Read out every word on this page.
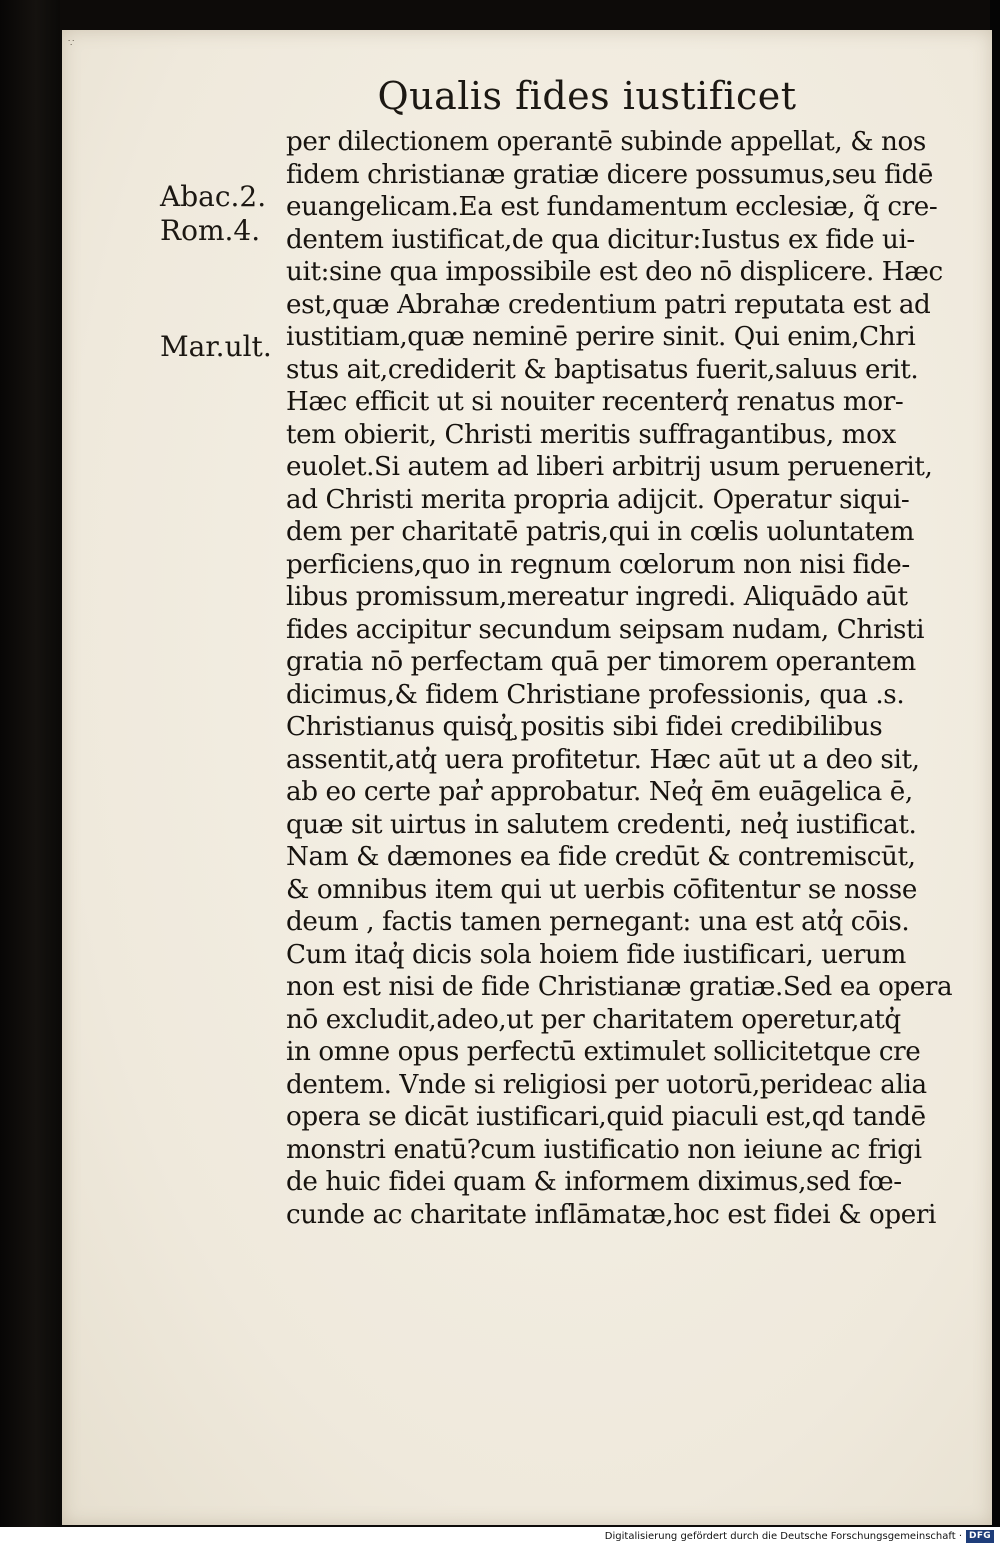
∵
Qualis fides iustificet
Abac.2.
Rom.4.
Mar.ult.
per dilectionem operantē subinde appellat, & nos
fidem christianæ gratiæ dicere possumus,seu fidē
euangelicam.Ea est fundamentum ecclesiæ, q̃ cre-
dentem iustificat,de qua dicitur:Iustus ex fide ui-
uit:sine qua impossibile est deo nō displicere. Hæc
est,quæ Abrahæ credentium patri reputata est ad
iustitiam,quæ neminē perire sinit. Qui enim,Chri
stus ait,crediderit & baptisatus fuerit,saluus erit.
Hæc efficit ut si nouiter recenterq̓ renatus mor-
tem obierit, Christi meritis suffragantibus, mox
euolet.Si autem ad liberi arbitrij usum peruenerit,
ad Christi merita propria adijcit. Operatur siqui-
dem per charitatē patris,qui in cœlis uoluntatem
perficiens,quo in regnum cœlorum non nisi fide-
libus promissum,mereatur ingredi. Aliquādo aūt
fides accipitur secundum seipsam nudam, Christi
gratia nō perfectam quā per timorem operantem
dicimus,& fidem Christiane professionis, qua .s.
Christianus quisq̓ ̧positis sibi fidei credibilibus
assentit,atq̓ uera profitetur. Hæc aūt ut a deo sit,
ab eo certe par̓ approbatur. Neq̓ ēm euāgelica ē,
quæ sit uirtus in salutem credenti, neq̓ iustificat.
Nam & dæmones ea fide credūt & contremiscūt,
& omnibus item qui ut uerbis cōfitentur se nosse
deum , factis tamen pernegant: una est atq̓ cōis.
Cum itaq̓ dicis sola hoiem fide iustificari, uerum
non est nisi de fide Christianæ gratiæ.Sed ea opera
nō excludit,adeo,ut per charitatem operetur,atq̓
in omne opus perfectū extimulet sollicitetque cre
dentem. Vnde si religiosi per uotorū,perideac alia
opera se dicāt iustificari,quid piaculi est,qd tandē
monstri enatū?cum iustificatio non ieiune ac frigi
de huic fidei quam & informem diximus,sed fœ-
cunde ac charitate inflāmatæ,hoc est fidei & operi
Digitalisierung gefördert durch die Deutsche Forschungsgemeinschaft · DFG
